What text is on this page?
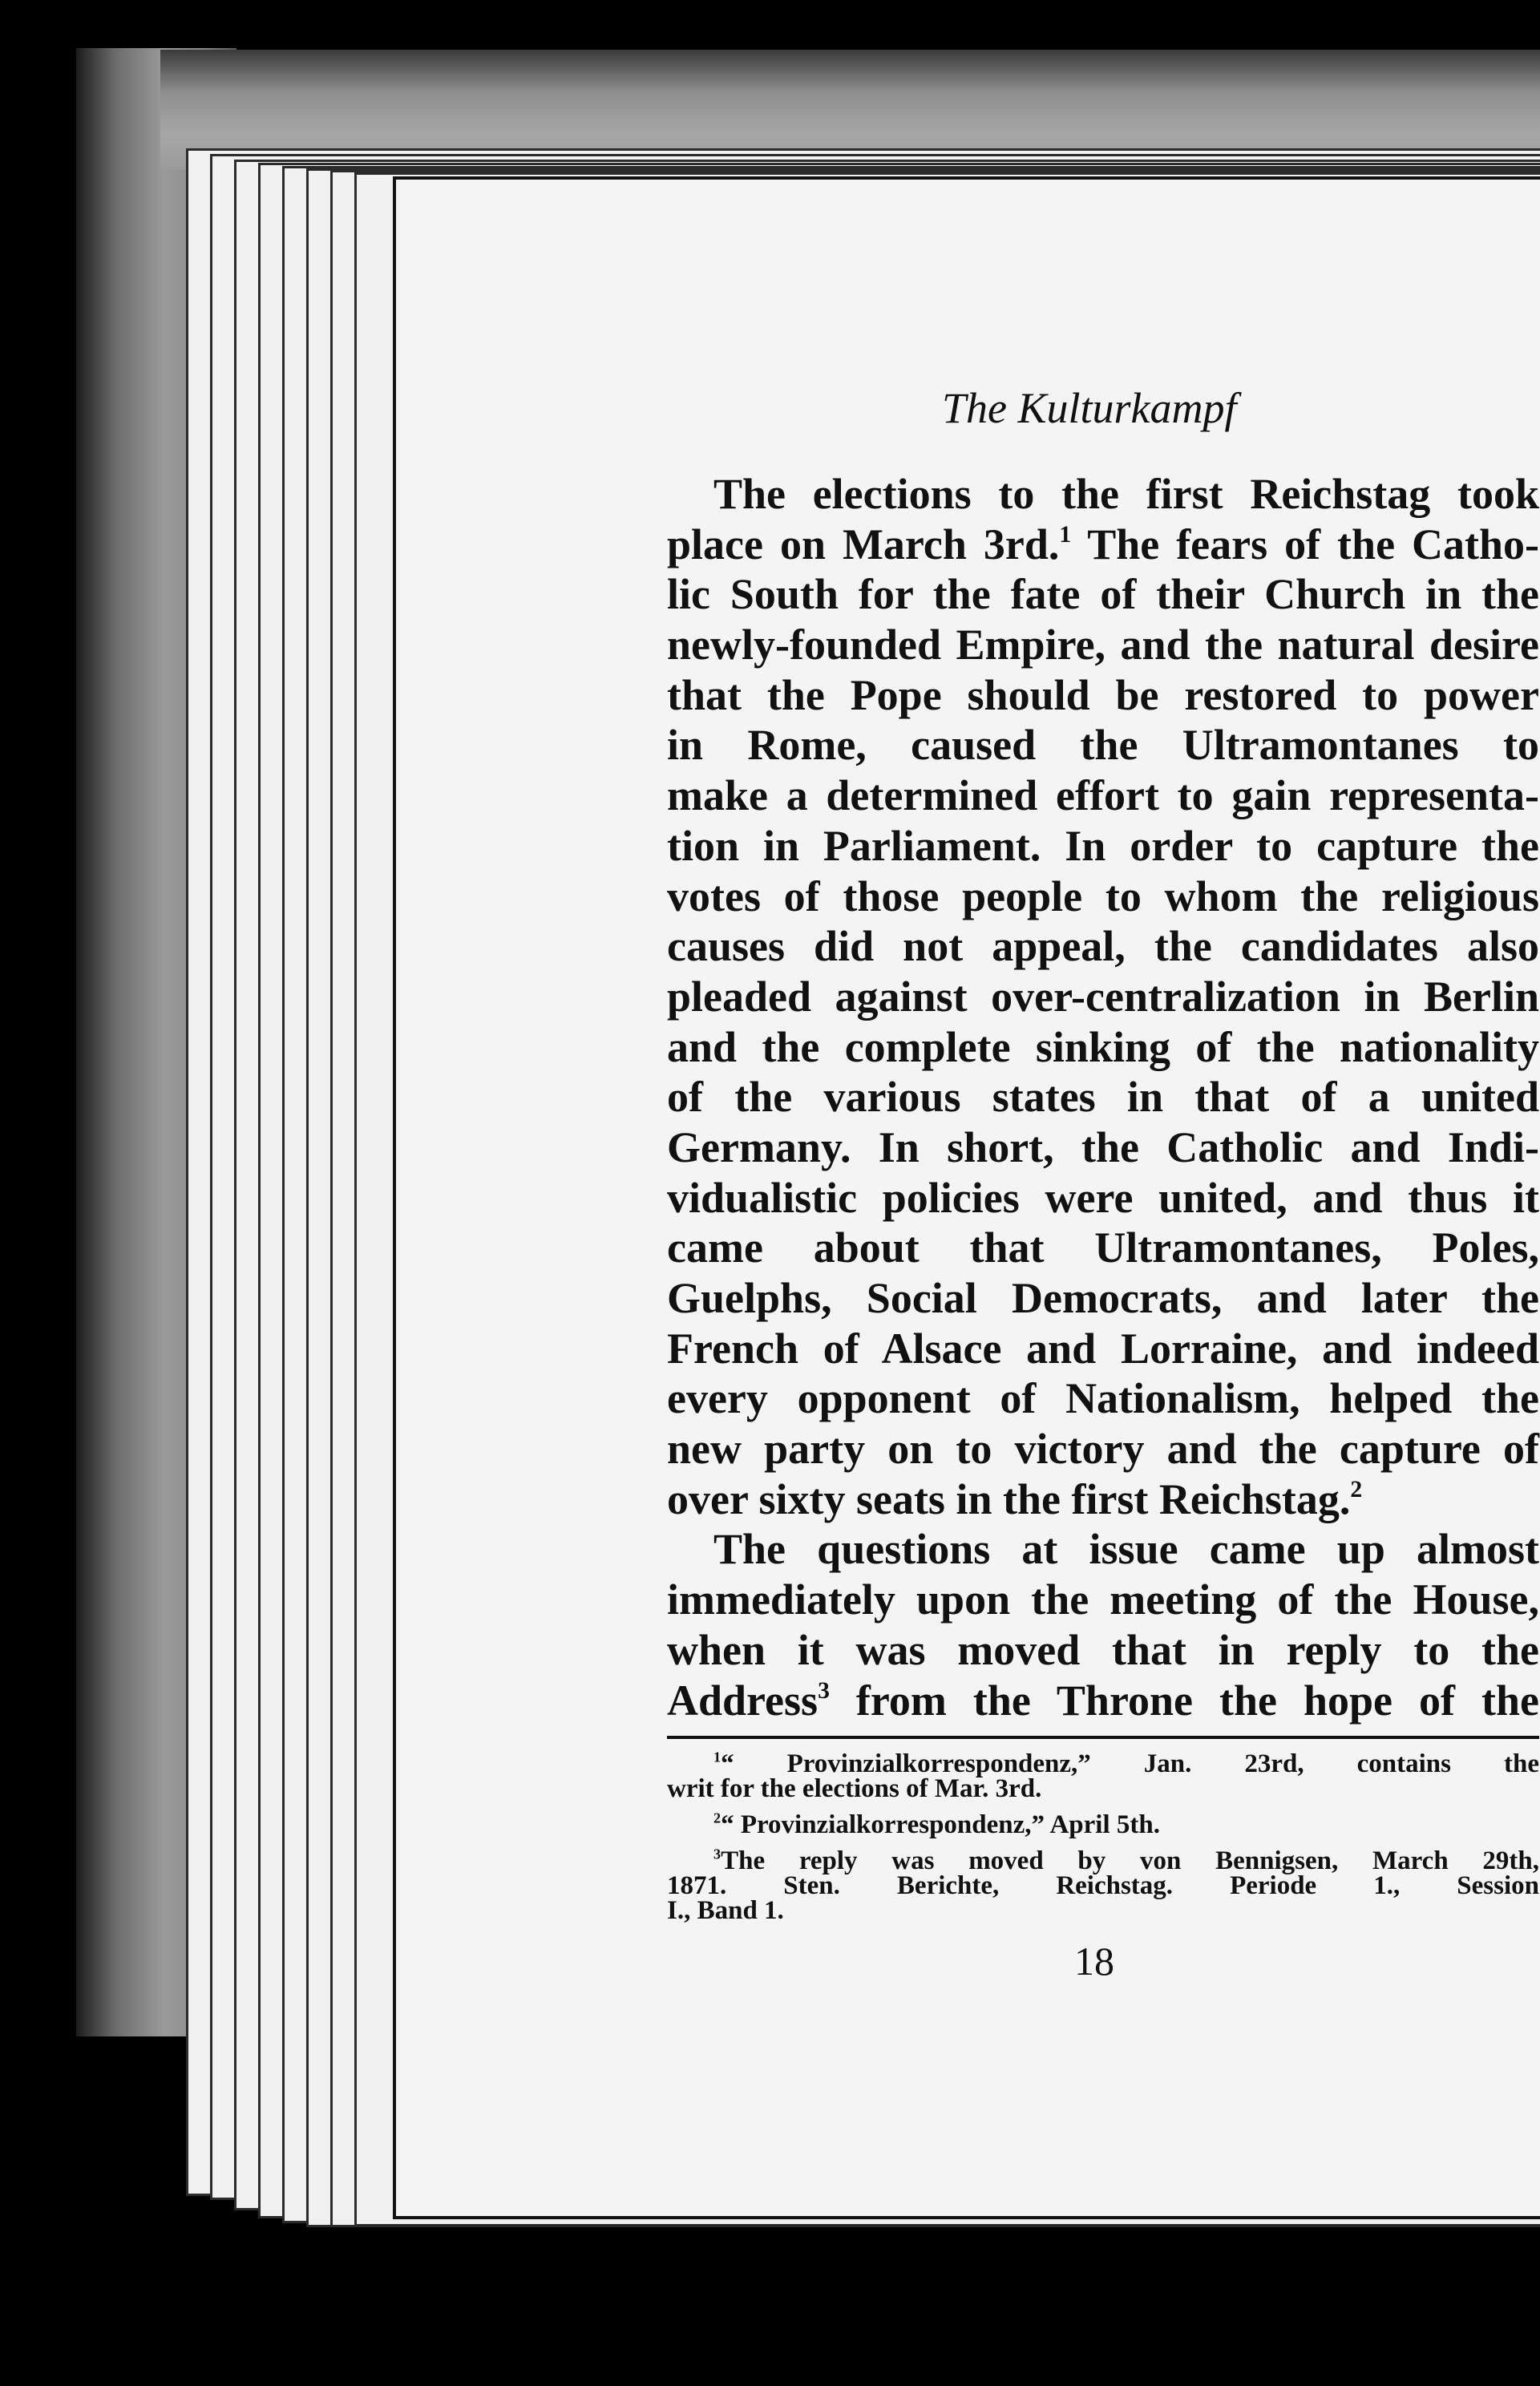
The Kulturkampf
The elections to the first Reichstag took
place on March 3rd.$^1$ The fears of the Catho-
lic South for the fate of their Church in the
newly-founded Empire, and the natural desire
that the Pope should be restored to power
in Rome, caused the Ultramontanes to
make a determined effort to gain representa-
tion in Parliament. In order to capture the
votes of those people to whom the religious
causes did not appeal, the candidates also
pleaded against over-centralization in Berlin
and the complete sinking of the nationality
of the various states in that of a united
Germany. In short, the Catholic and Indi-
vidualistic policies were united, and thus it
came about that Ultramontanes, Poles,
Guelphs, Social Democrats, and later the
French of Alsace and Lorraine, and indeed
every opponent of Nationalism, helped the
new party on to victory and the capture of
over sixty seats in the first Reichstag.$^2$
The questions at issue came up almost
immediately upon the meeting of the House,
when it was moved that in reply to the
Address$^3$ from the Throne the hope of the
$^1$“ Provinzialkorrespondenz,” Jan. 23rd, contains the
writ for the elections of Mar. 3rd.
$^2$“ Provinzialkorrespondenz,” April 5th.
$^3$The reply was moved by von Bennigsen, March 29th,
1871. Sten. Berichte, Reichstag. Periode 1., Session
I., Band 1.
18
